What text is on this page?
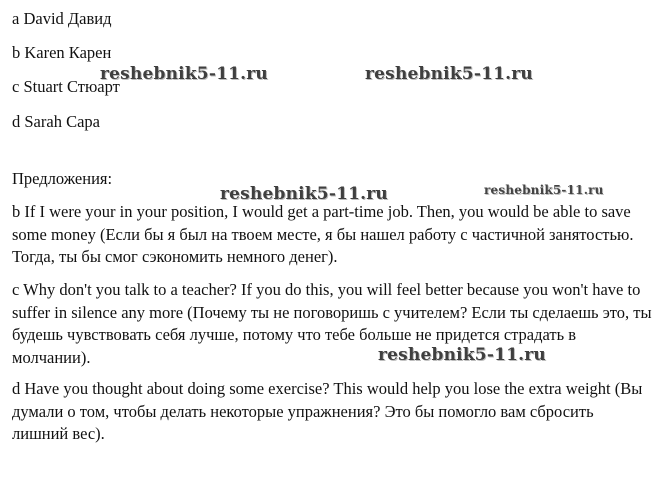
a David Давид
b Karen Карен
c Stuart Стюарт
d Sarah Сара
Предложения:
b If I were your in your position, I would get a part-time job. Then, you would be able to save some money (Если бы я был на твоем месте, я бы нашел работу с частичной занятостью. Тогда, ты бы смог сэкономить немного денег).
c Why don't you talk to a teacher? If you do this, you will feel better because you won't have to suffer in silence any more (Почему ты не поговоришь с учителем? Если ты сделаешь это, ты будешь чувствовать себя лучше, потому что тебе больше не придется страдать в молчании).
d Have you thought about doing some exercise? This would help you lose the extra weight (Вы думали о том, чтобы делать некоторые упражнения? Это бы помогло вам сбросить лишний вес).
reshebnik5-11.ru	reshebnik5-11.ru
reshebnik5-11.ru	reshebnik5-11.ru
reshebnik5-11.ru
